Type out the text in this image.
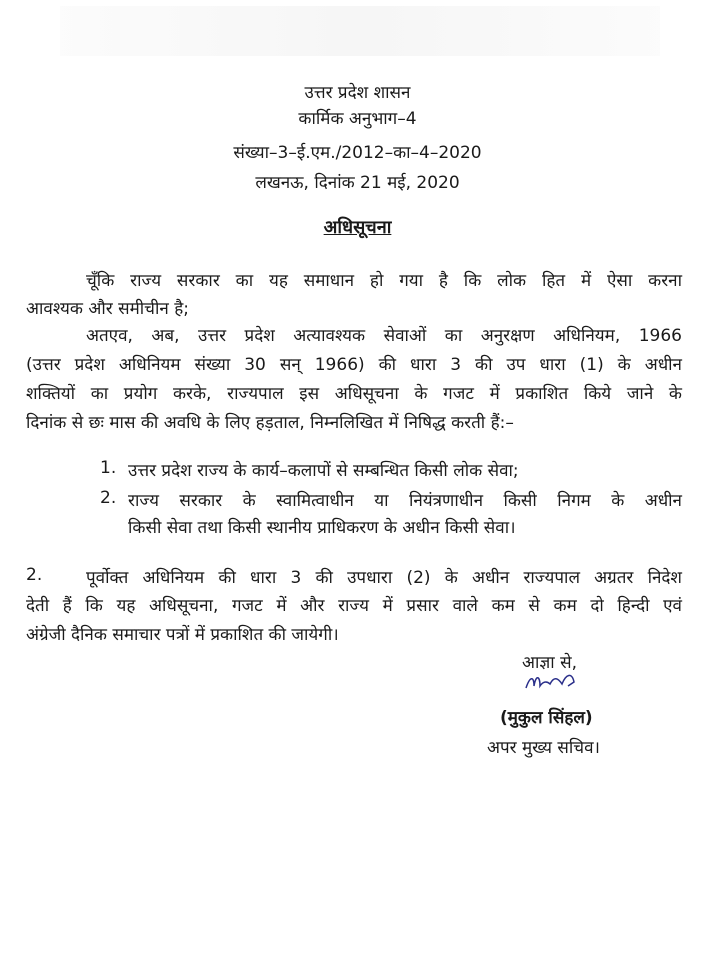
उत्तर प्रदेश शासन
कार्मिक अनुभाग–4
संख्या–3–ई.एम./2012–का–4–2020
लखनऊ, दिनांक 21 मई, 2020
अधिसूचना
चूँकि राज्य सरकार का यह समाधान हो गया है कि लोक हित में ऐसा करना
आवश्यक और समीचीन है;
अतएव, अब, उत्तर प्रदेश अत्यावश्यक सेवाओं का अनुरक्षण अधिनियम, 1966
(उत्तर प्रदेश अधिनियम संख्या 30 सन् 1966) की धारा 3 की उप धारा (1) के अधीन
शक्तियों का प्रयोग करके, राज्यपाल इस अधिसूचना के गजट में प्रकाशित किये जाने के
दिनांक से छः मास की अवधि के लिए हड़ताल, निम्नलिखित में निषिद्ध करती हैं:–
1. उत्तर प्रदेश राज्य के कार्य–कलापों से सम्बन्धित किसी लोक सेवा;
2. राज्य सरकार के स्वामित्वाधीन या नियंत्रणाधीन किसी निगम के अधीन
किसी सेवा तथा किसी स्थानीय प्राधिकरण के अधीन किसी सेवा।
2.	पूर्वोक्त अधिनियम की धारा 3 की उपधारा (2) के अधीन राज्यपाल अग्रतर निदेश
देती हैं कि यह अधिसूचना, गजट में और राज्य में प्रसार वाले कम से कम दो हिन्दी एवं
अंग्रेजी दैनिक समाचार पत्रों में प्रकाशित की जायेगी।
आज्ञा से,
(मुकुल सिंहल)
अपर मुख्य सचिव।
